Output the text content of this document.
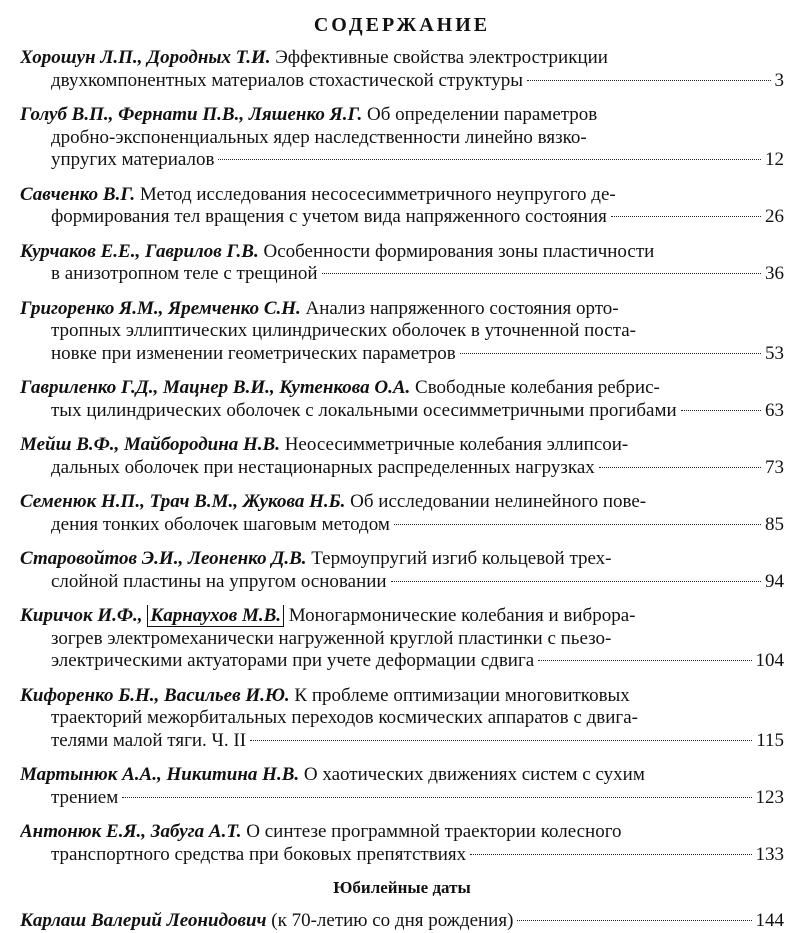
СОДЕРЖАНИЕ
Хорошун Л.П., Дородных Т.И. Эффективные свойства электрострикции
двухкомпонентных материалов стохастической структуры	3
Голуб В.П., Фернати П.В., Ляшенко Я.Г. Об определении параметров
дробно-экспоненциальных ядер наследственности линейно вязко-
упругих материалов	12
Савченко В.Г. Метод исследования несосесимметричного неупругого де-
формирования тел вращения с учетом вида напряженного состояния	26
Курчаков Е.Е., Гаврилов Г.В. Особенности формирования зоны пластичности
в анизотропном теле с трещиной	36
Григоренко Я.М., Яремченко С.Н. Анализ напряженного состояния орто-
тропных эллиптических цилиндрических оболочек в уточненной поста-
новке при изменении геометрических параметров	53
Гавриленко Г.Д., Мацнер В.И., Кутенкова О.А. Свободные колебания ребрис-
тых цилиндрических оболочек с локальными осесимметричными прогибами	63
Мейш В.Ф., Майбородина Н.В. Неосесимметричные колебания эллипсои-
дальных оболочек при нестационарных распределенных нагрузках	73
Семенюк Н.П., Трач В.М., Жукова Н.Б. Об исследовании нелинейного пове-
дения тонких оболочек шаговым методом	85
Старовойтов Э.И., Леоненко Д.В. Термоупругий изгиб кольцевой трех-
слойной пластины на упругом основании	94
Киричок И.Ф., Карнаухов М.В. Моногармонические колебания и виброра-
зогрев электромеханически нагруженной круглой пластинки с пьезо-
электрическими актуаторами при учете деформации сдвига	104
Кифоренко Б.Н., Васильев И.Ю. К проблеме оптимизации многовитковых
траекторий межорбитальных переходов космических аппаратов с двига-
телями малой тяги. Ч. II	115
Мартынюк А.А., Никитина Н.В. О хаотических движениях систем с сухим
трением	123
Антонюк Е.Я., Забуга А.Т. О синтезе программной траектории колесного
транспортного средства при боковых препятствиях	133
Юбилейные даты
Карлаш Валерий Леонидович (к 70-летию со дня рождения)	144
